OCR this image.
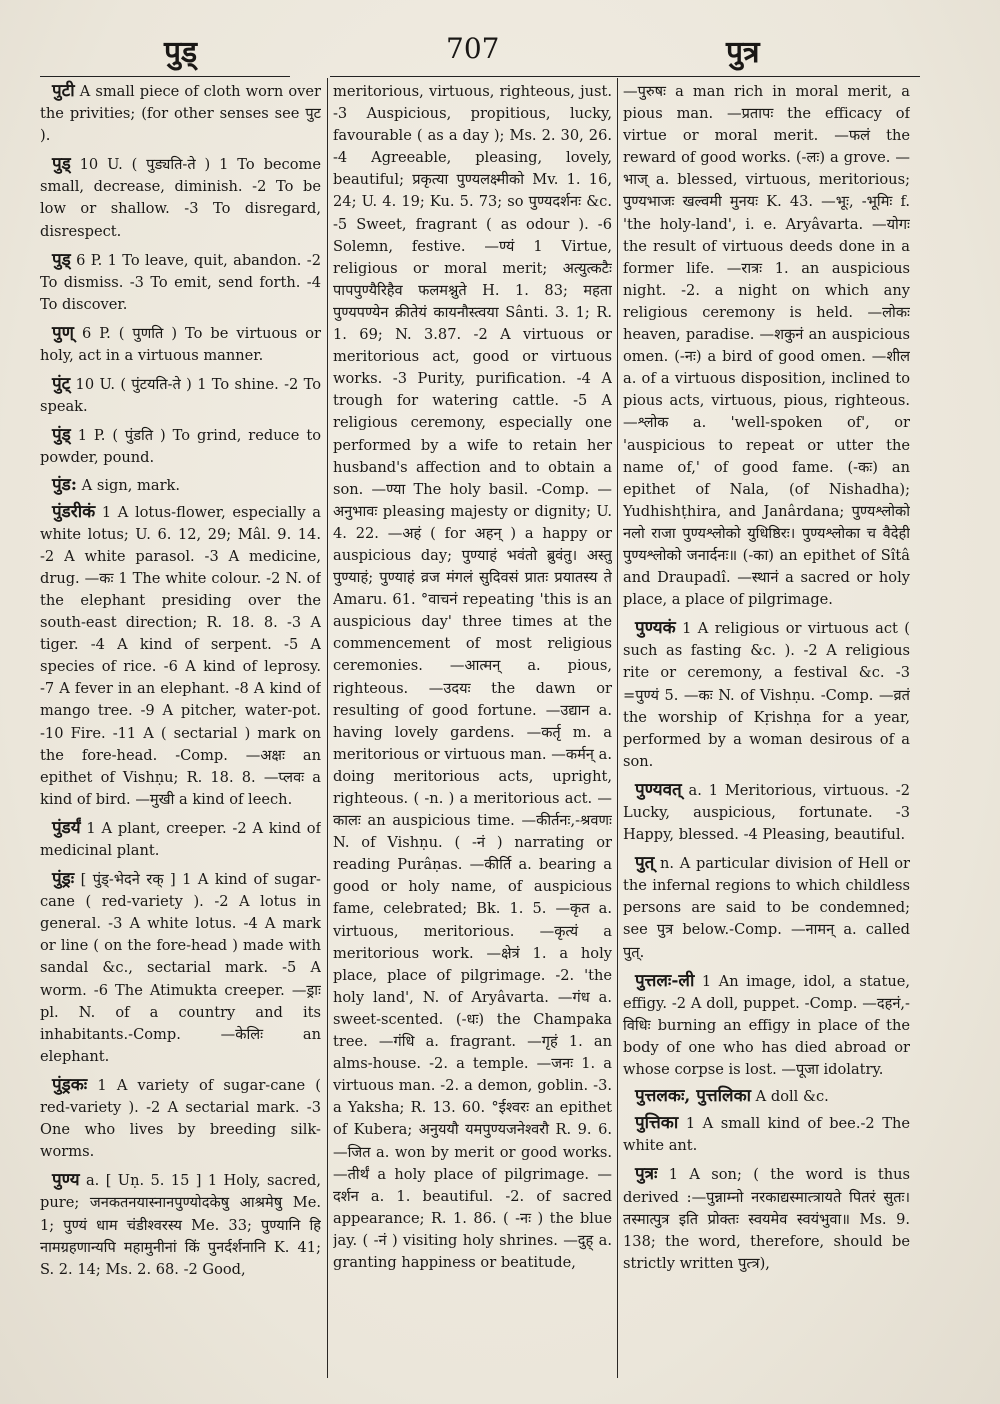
पुड्	707	पुत्र

पुटी A small piece of cloth worn over the privities; (for other senses see पुट ).

पुड् 10 U. ( पुड्यति-ते ) 1 To become small, decrease, diminish. -2 To be low or shallow. -3 To disregard, disrespect.

पुड् 6 P. 1 To leave, quit, abandon. -2 To dismiss. -3 To emit, send forth. -4 To discover.

पुण् 6 P. ( पुणति ) To be virtuous or holy, act in a virtuous manner.

पुंट् 10 U. ( पुंटयति-ते ) 1 To shine. -2 To speak.

पुंड् 1 P. ( पुंडति ) To grind, reduce to powder, pound.

पुंड: A sign, mark.

पुंडरीकं 1 A lotus-flower, especially a white lotus; U. 6. 12, 29; Mâl. 9. 14. -2 A white parasol. -3 A medicine, drug. —कः 1 The white colour. -2 N. of the elephant presiding over the south-east direction; R. 18. 8. -3 A tiger. -4 A kind of serpent. -5 A species of rice. -6 A kind of leprosy. -7 A fever in an elephant. -8 A kind of mango tree. -9 A pitcher, water-pot. -10 Fire. -11 A ( sectarial ) mark on the fore-head. -Comp. —अक्षः an epithet of Vishṇu; R. 18. 8. —प्लवः a kind of bird. —मुखी a kind of leech.

पुंडर्यं 1 A plant, creeper. -2 A kind of medicinal plant.

पुंड्रः [ पुंड्-भेदने रक् ] 1 A kind of sugar-cane ( red-variety ). -2 A lotus in general. -3 A white lotus. -4 A mark or line ( on the fore-head ) made with sandal &c., sectarial mark. -5 A worm. -6 The Atimukta creeper. —ड्राः pl. N. of a country and its inhabitants.-Comp. —केलिः an elephant.

पुंड्रकः 1 A variety of sugar-cane ( red-variety ). -2 A sectarial mark. -3 One who lives by breeding silk-worms.

पुण्य a. [ Uṇ. 5. 15 ] 1 Holy, sacred, pure; जनकतनयास्नानपुण्योदकेषु आश्रमेषु Me. 1; पुण्यं धाम चंडीश्वरस्य Me. 33; पुण्यानि हि नामग्रहणान्यपि महामुनीनां किं पुनर्दर्शनानि K. 41; S. 2. 14; Ms. 2. 68. -2 Good,

meritorious, virtuous, righteous, just. -3 Auspicious, propitious, lucky, favourable ( as a day ); Ms. 2. 30, 26. -4 Agreeable, pleasing, lovely, beautiful; प्रकृत्या पुण्यलक्ष्मीको Mv. 1. 16, 24; U. 4. 19; Ku. 5. 73; so पुण्यदर्शनः &c. -5 Sweet, fragrant ( as odour ). -6 Solemn, festive. —ण्यं 1 Virtue, religious or moral merit; अत्युत्कटैः पापपुण्यैरिहैव फलमश्नुते H. 1. 83; महता पुण्यपण्येन क्रीतेयं कायनौस्त्वया Sânti. 3. 1; R. 1. 69; N. 3.87. -2 A virtuous or meritorious act, good or virtuous works. -3 Purity, purification. -4 A trough for watering cattle. -5 A religious ceremony, especially one performed by a wife to retain her husband's affection and to obtain a son. —ण्या The holy basil. -Comp. —अनुभावः pleasing majesty or dignity; U. 4. 22. —अहं ( for अहन् ) a happy or auspicious day; पुण्याहं भवंतो ब्रुवंतु। अस्तु पुण्याहं; पुण्याहं व्रज मंगलं सुदिवसं प्रातः प्रयातस्य ते Amaru. 61. °वाचनं repeating 'this is an auspicious day' three times at the commencement of most religious ceremonies. —आत्मन् a. pious, righteous. —उदयः the dawn or resulting of good fortune. —उद्यान a. having lovely gardens. —कर्तृ m. a meritorious or virtuous man. —कर्मन् a. doing meritorious acts, upright, righteous. ( -n. ) a meritorious act. —कालः an auspicious time. —कीर्तनः,-श्रवणः N. of Vishṇu. ( -नं ) narrating or reading Purâṇas. —कीर्ति a. bearing a good or holy name, of auspicious fame, celebrated; Bk. 1. 5. —कृत a. virtuous, meritorious. —कृत्यं a meritorious work. —क्षेत्रं 1. a holy place, place of pilgrimage. -2. 'the holy land', N. of Aryâvarta. —गंध a. sweet-scented. (-धः) the Champaka tree. —गंधि a. fragrant. —गृहं 1. an alms-house. -2. a temple. —जनः 1. a virtuous man. -2. a demon, goblin. -3. a Yaksha; R. 13. 60. °ईश्वरः an epithet of Kubera; अनुययौ यमपुण्यजनेश्वरौ R. 9. 6. —जित a. won by merit or good works. —तीर्थं a holy place of pilgrimage. —दर्शन a. 1. beautiful. -2. of sacred appearance; R. 1. 86. ( -नः ) the blue jay. ( -नं ) visiting holy shrines. —दुह् a. granting happiness or beatitude,

—पुरुषः a man rich in moral merit, a pious man. —प्रतापः the efficacy of virtue or moral merit. —फलं the reward of good works. (-लः) a grove. —भाज् a. blessed, virtuous, meritorious; पुण्यभाजः खल्वमी मुनयः K. 43. —भूः, -भूमिः f. 'the holy-land', i. e. Aryâvarta. —योगः the result of virtuous deeds done in a former life. —रात्रः 1. an auspicious night. -2. a night on which any religious ceremony is held. —लोकः heaven, paradise. —शकुनं an auspicious omen. (-नः) a bird of good omen. —शील a. of a virtuous disposition, inclined to pious acts, virtuous, pious, righteous. —श्लोक a. 'well-spoken of', or 'auspicious to repeat or utter the name of,' of good fame. (-कः) an epithet of Nala, (of Nishadha); Yudhishṭhira, and Janârdana; पुण्यश्लोको नलो राजा पुण्यश्लोको युधिष्ठिरः। पुण्यश्लोका च वैदेही पुण्यश्लोको जनार्दनः॥ (-का) an epithet of Sîtâ and Draupadî. —स्थानं a sacred or holy place, a place of pilgrimage.

पुण्यकं 1 A religious or virtuous act ( such as fasting &c. ). -2 A religious rite or ceremony, a festival &c. -3 =पुण्यं 5. —कः N. of Vishṇu. -Comp. —व्रतं the worship of Kṛishṇa for a year, performed by a woman desirous of a son.

पुण्यवत् a. 1 Meritorious, virtuous. -2 Lucky, auspicious, fortunate. -3 Happy, blessed. -4 Pleasing, beautiful.

पुत् n. A particular division of Hell or the infernal regions to which childless persons are said to be condemned; see पुत्र below.-Comp. —नामन् a. called पुत्.

पुत्तलः-ली 1 An image, idol, a statue, effigy. -2 A doll, puppet. -Comp. —दहनं,-विधिः burning an effigy in place of the body of one who has died abroad or whose corpse is lost. —पूजा idolatry.

पुत्तलकः, पुत्तलिका A doll &c.

पुत्तिका 1 A small kind of bee.-2 The white ant.

पुत्रः 1 A son; ( the word is thus derived :—पुन्नाम्नो नरकाद्यस्मात्त्रायते पितरं सुतः। तस्मात्पुत्र इति प्रोक्तः स्वयमेव स्वयंभुवा॥ Ms. 9. 138; the word, therefore, should be strictly written पुत्त्र),
